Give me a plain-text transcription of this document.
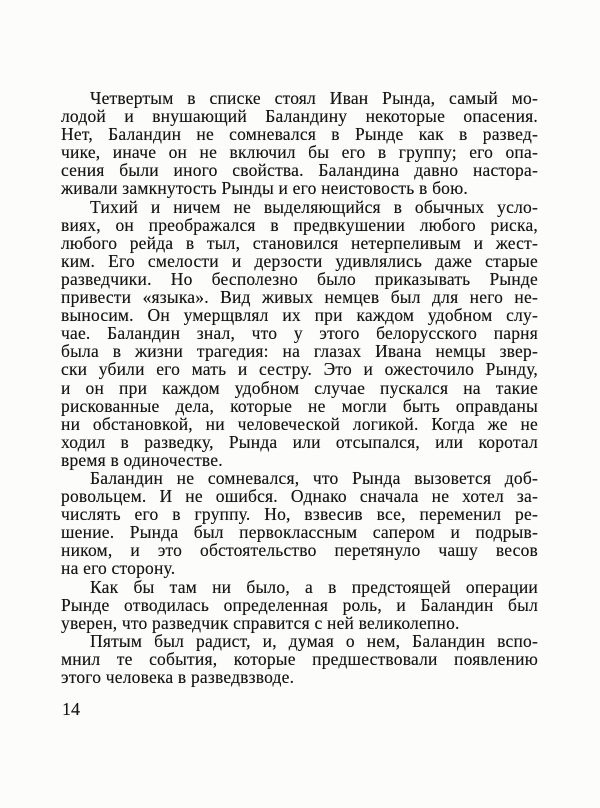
Четвертым в списке стоял Иван Рында, самый мо-
лодой и внушающий Баландину некоторые опасения.
Нет, Баландин не сомневался в Рынде как в развед-
чике, иначе он не включил бы его в группу; его опа-
сения были иного свойства. Баландина давно настора-
живали замкнутость Рынды и его неистовость в бою.

Тихий и ничем не выделяющийся в обычных усло-
виях, он преображался в предвкушении любого риска,
любого рейда в тыл, становился нетерпеливым и жест-
ким. Его смелости и дерзости удивлялись даже старые
разведчики. Но бесполезно было приказывать Рынде
привести «языка». Вид живых немцев был для него не-
выносим. Он умерщвлял их при каждом удобном слу-
чае. Баландин знал, что у этого белорусского парня
была в жизни трагедия: на глазах Ивана немцы звер-
ски убили его мать и сестру. Это и ожесточило Рынду,
и он при каждом удобном случае пускался на такие
рискованные дела, которые не могли быть оправданы
ни обстановкой, ни человеческой логикой. Когда же не
ходил в разведку, Рында или отсыпался, или коротал
время в одиночестве.

Баландин не сомневался, что Рында вызовется доб-
ровольцем. И не ошибся. Однако сначала не хотел за-
числять его в группу. Но, взвесив все, переменил ре-
шение. Рында был первоклассным сапером и подрыв-
ником, и это обстоятельство перетянуло чашу весов
на его сторону.

Как бы там ни было, а в предстоящей операции
Рынде отводилась определенная роль, и Баландин был
уверен, что разведчик справится с ней великолепно.

Пятым был радист, и, думая о нем, Баландин вспо-
мнил те события, которые предшествовали появлению
этого человека в разведвзводе.

14
